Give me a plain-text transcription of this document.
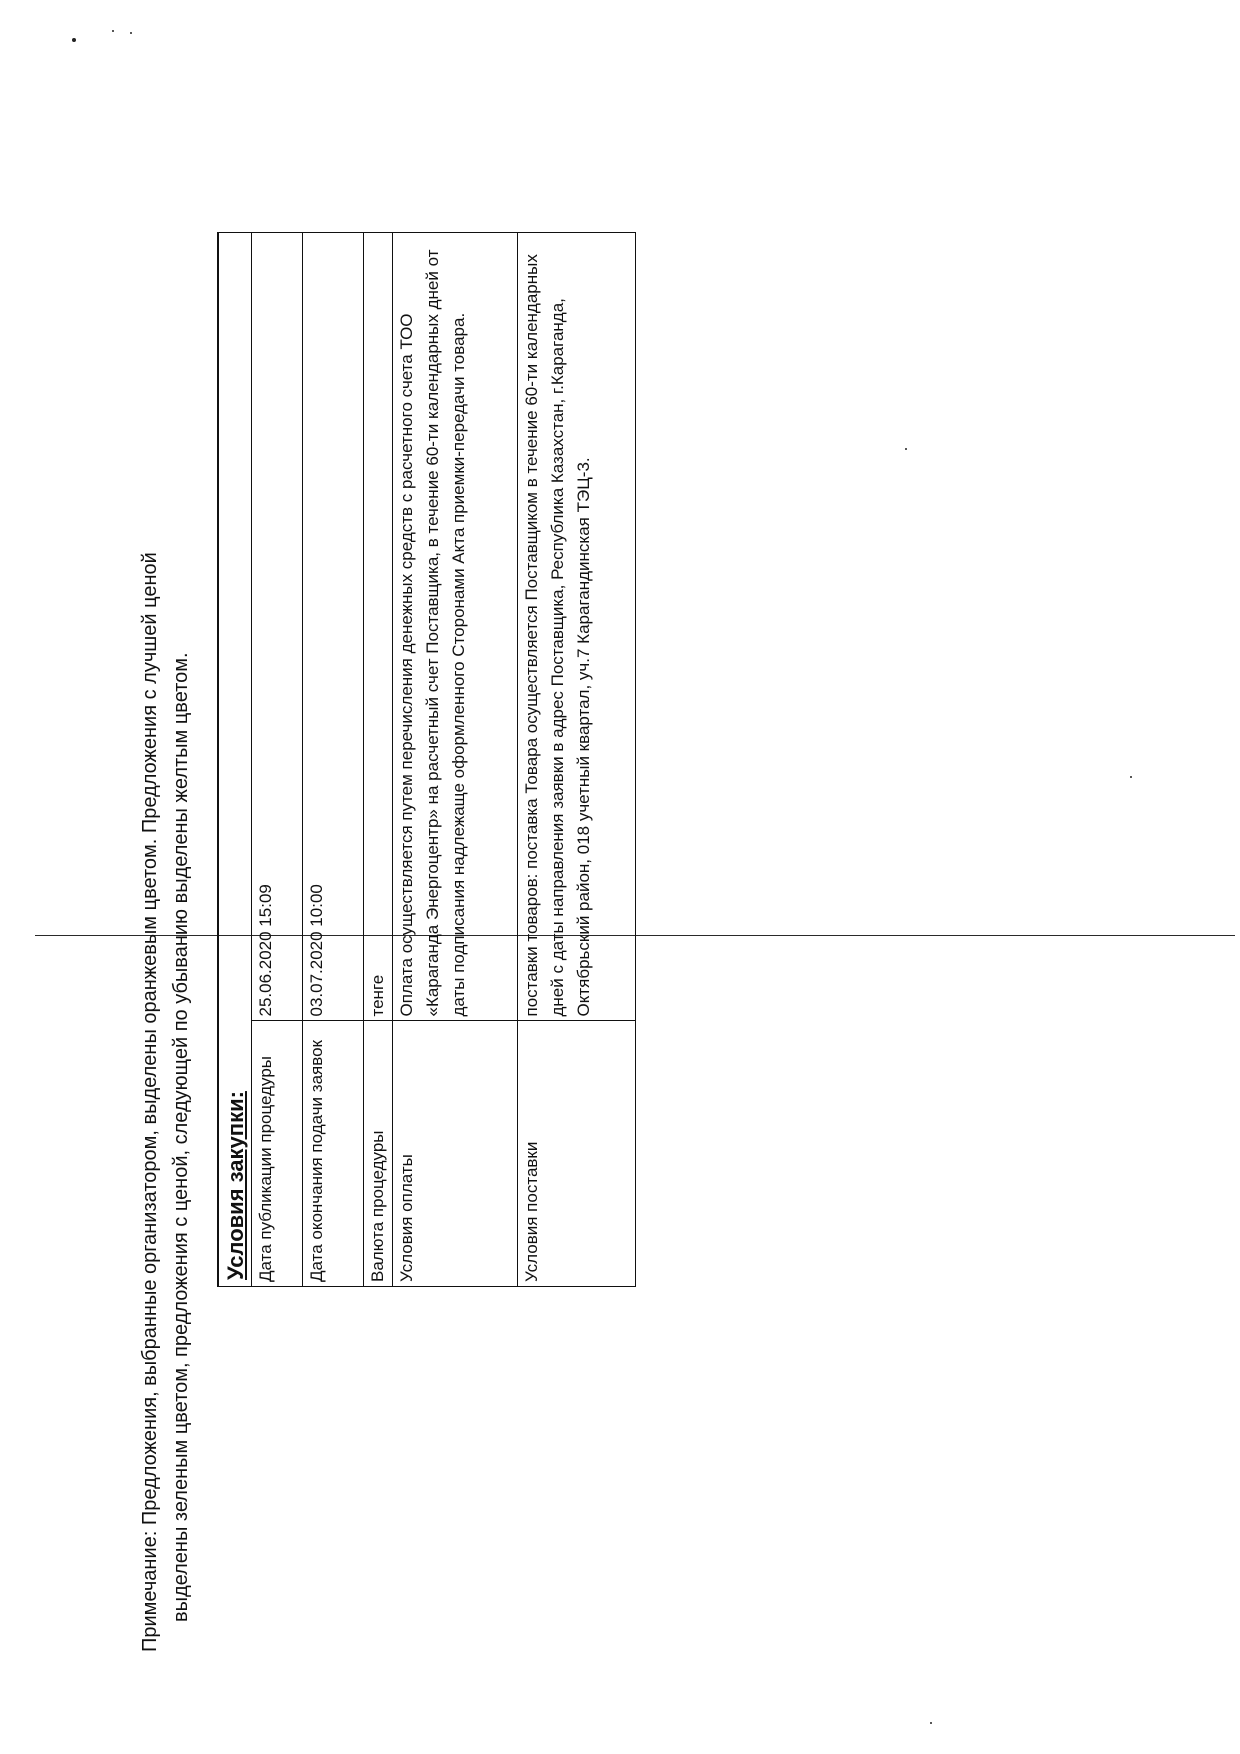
Примечание: Предложения, выбранные организатором, выделены оранжевым цветом. Предложения с лучшей ценой выделены зеленым цветом, предложения с ценой, следующей по убыванию выделены желтым цветом. Условия закупки:	
Дата публикации процедуры	25.06.2020 15:09
Дата окончания подачи заявок	03.07.2020 10:00
Валюта процедуры	тенге
Условия оплаты	Оплата осуществляется путем перечисления денежных средств с расчетного счета ТОО «Караганда Энергоцентр» на расчетный счет Поставщика, в течение 60-ти календарных дней от даты подписания надлежаще оформленного Сторонами Акта приемки-передачи товара.
Условия поставки	поставки товаров: поставка Товара осуществляется Поставщиком в течение 60-ти календарных дней с даты направления заявки в адрес Поставщика, Республика Казахстан, г.Караганда, Октябрьский район, 018 учетный квартал, уч.7 Карагандинская ТЭЦ-3.
